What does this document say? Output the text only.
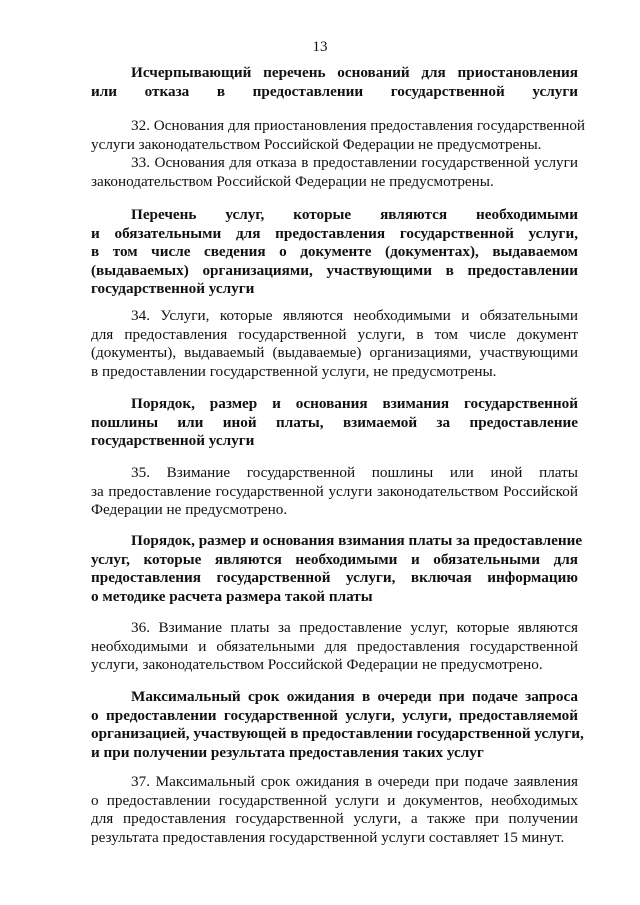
13
Исчерпывающий перечень оснований для приостановления
или отказа в предоставлении государственной услуги
32. Основания для приостановления предоставления государственной
услуги законодательством Российской Федерации не предусмотрены.
33. Основания для отказа в предоставлении государственной услуги
законодательством Российской Федерации не предусмотрены.
Перечень услуг, которые являются необходимыми
и обязательными для предоставления государственной услуги,
в том числе сведения о документе (документах), выдаваемом
(выдаваемых) организациями, участвующими в предоставлении
государственной услуги
34. Услуги, которые являются необходимыми и обязательными
для предоставления государственной услуги, в том числе документ
(документы), выдаваемый (выдаваемые) организациями, участвующими
в предоставлении государственной услуги, не предусмотрены.
Порядок, размер и основания взимания государственной
пошлины или иной платы, взимаемой за предоставление
государственной услуги
35. Взимание государственной пошлины или иной платы
за предоставление государственной услуги законодательством Российской
Федерации не предусмотрено.
Порядок, размер и основания взимания платы за предоставление
услуг, которые являются необходимыми и обязательными для
предоставления государственной услуги, включая информацию
о методике расчета размера такой платы
36. Взимание платы за предоставление услуг, которые являются
необходимыми и обязательными для предоставления государственной
услуги, законодательством Российской Федерации не предусмотрено.
Максимальный срок ожидания в очереди при подаче запроса
о предоставлении государственной услуги, услуги, предоставляемой
организацией, участвующей в предоставлении государственной услуги,
и при получении результата предоставления таких услуг
37. Максимальный срок ожидания в очереди при подаче заявления
о предоставлении государственной услуги и документов, необходимых
для предоставления государственной услуги, а также при получении
результата предоставления государственной услуги составляет 15 минут.
